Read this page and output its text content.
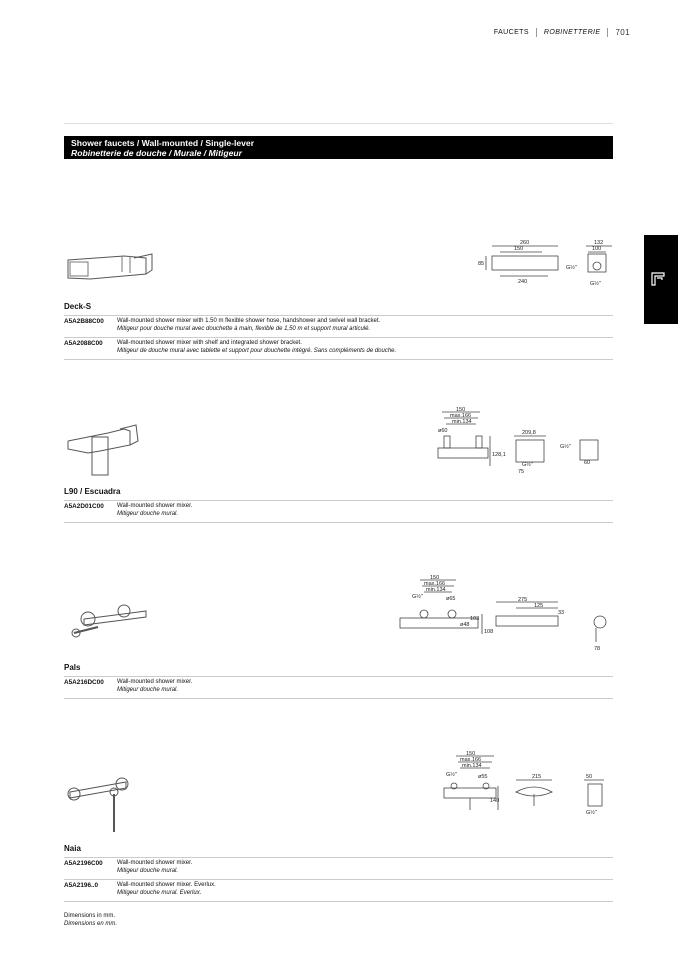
FAUCETS ROBINETTERIE 701
Shower faucets / Wall-mounted / Single-lever
Robinetterie de douche / Murale / Mitigeur
260
150
85
240
132
100
G½"
G½"
Deck-S
A5A2B88C00 Wall-mounted shower mixer with 1.50 m flexible shower hose, handshower and swivel wall bracket.
Mitigeur pour douche mural avec douchette à main, flexible de 1,50 m et support mural articulé.
A5A2088C00 Wall-mounted shower mixer with shelf and integrated shower bracket.
Mitigeur de douche mural avec tablette et support pour douchette intégré. Sans compléments de douche.
150
max.166
min.134
ø60	209,8
128,1
G½"
75
G½"
60
L90 / Escuadra
A5A2D01C00 Wall-mounted shower mixer.
Mitigeur douche mural.
150
max.166
min.134
G½"	ø65	275
125
33
103
ø48
108
78
Pals
A5A216DC00 Wall-mounted shower mixer.
Mitigeur douche mural.
150
max.166
min.134
G½"	ø55
140
215	50
G½"
Naia
A5A2196C00 Wall-mounted shower mixer.
Mitigeur douche mural.
A5A2196..0	Wall-mounted shower mixer. Everlux.
Mitigeur douche mural. Everlux.
Dimensions in mm.
Dimensions en mm.
